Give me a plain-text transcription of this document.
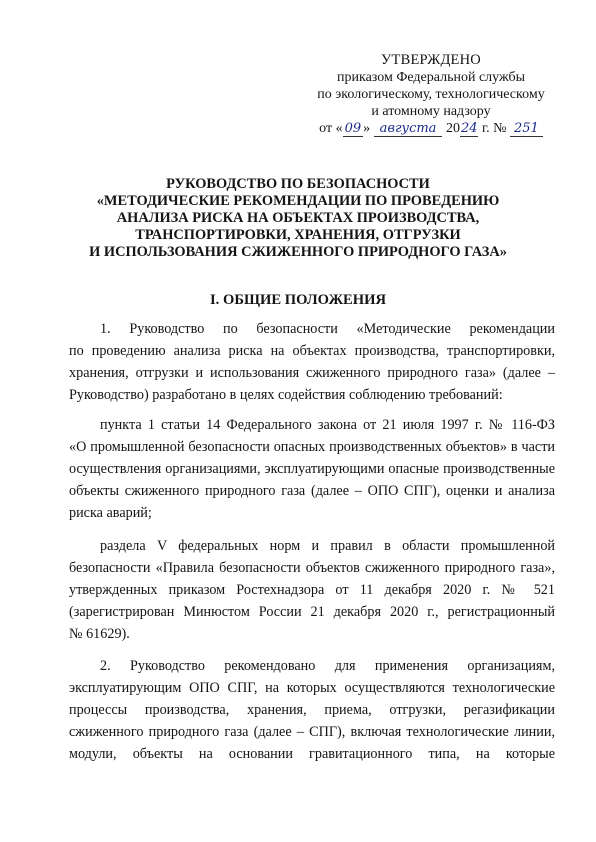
УТВЕРЖДЕНО
приказом Федеральной службы
по экологическому, технологическому
и атомному надзору
от « 09 » августа 2024 г. № 251
РУКОВОДСТВО ПО БЕЗОПАСНОСТИ
«МЕТОДИЧЕСКИЕ РЕКОМЕНДАЦИИ ПО ПРОВЕДЕНИЮ
АНАЛИЗА РИСКА НА ОБЪЕКТАХ ПРОИЗВОДСТВА,
ТРАНСПОРТИРОВКИ, ХРАНЕНИЯ, ОТГРУЗКИ
И ИСПОЛЬЗОВАНИЯ СЖИЖЕННОГО ПРИРОДНОГО ГАЗА»
I. ОБЩИЕ ПОЛОЖЕНИЯ
1. Руководство по безопасности «Методические рекомендации
по проведению анализа риска на объектах производства, транспортировки,
хранения, отгрузки и использования сжиженного природного газа» (далее –
Руководство) разработано в целях содействия соблюдению требований:
пункта 1 статьи 14 Федерального закона от 21 июля 1997 г. № 116-ФЗ
«О промышленной безопасности опасных производственных объектов» в части
осуществления организациями, эксплуатирующими опасные производственные
объекты сжиженного природного газа (далее – ОПО СПГ), оценки и анализа
риска аварий;
раздела V федеральных норм и правил в области промышленной
безопасности «Правила безопасности объектов сжиженного природного газа»,
утвержденных приказом Ростехнадзора от 11 декабря 2020 г. № 521
(зарегистрирован Минюстом России 21 декабря 2020 г., регистрационный
№ 61629).
2. Руководство рекомендовано для применения организациям,
эксплуатирующим ОПО СПГ, на которых осуществляются технологические
процессы производства, хранения, приема, отгрузки, регазификации
сжиженного природного газа (далее – СПГ), включая технологические линии,
модули, объекты на основании гравитационного типа, на которые
